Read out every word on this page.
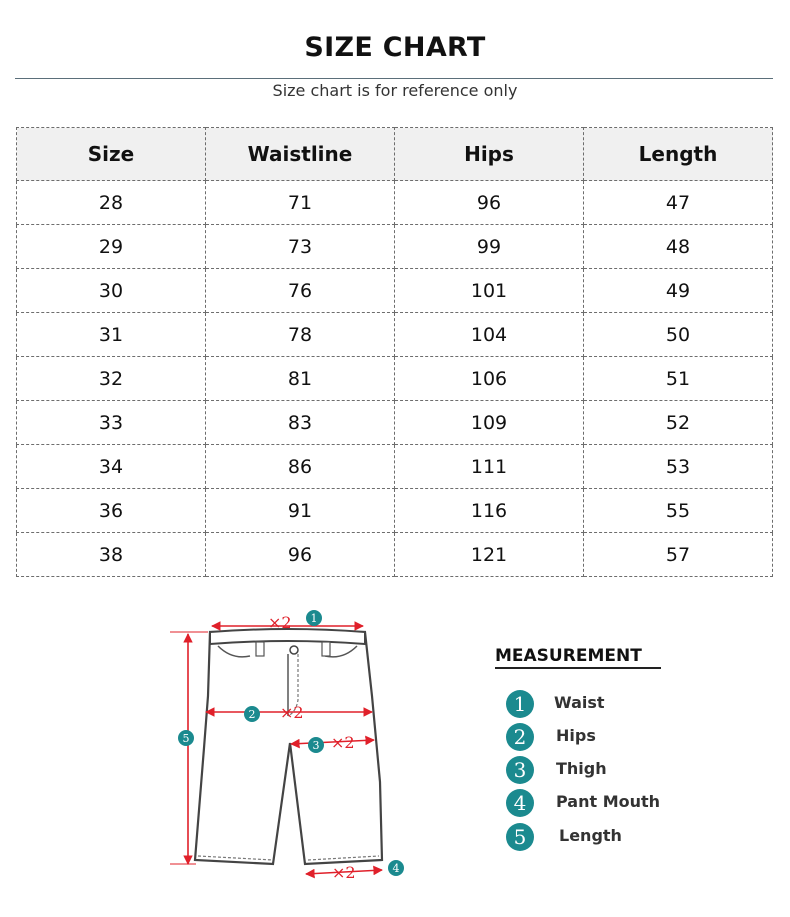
SIZE CHART
Size chart is for reference only
Size	Waistline	Hips	Length
28	71	96	47
29	73	99	48
30	76	101	49
31	78	104	50
32	81	106	51
33	83	109	52
34	86	111	53
36	91	116	55
38	96	121	57
×2
×2
×2
×2
1
2
3
4
5
MEASUREMENT
1	Waist
2	Hips
3	Thigh
4	Pant Mouth
5	Length
